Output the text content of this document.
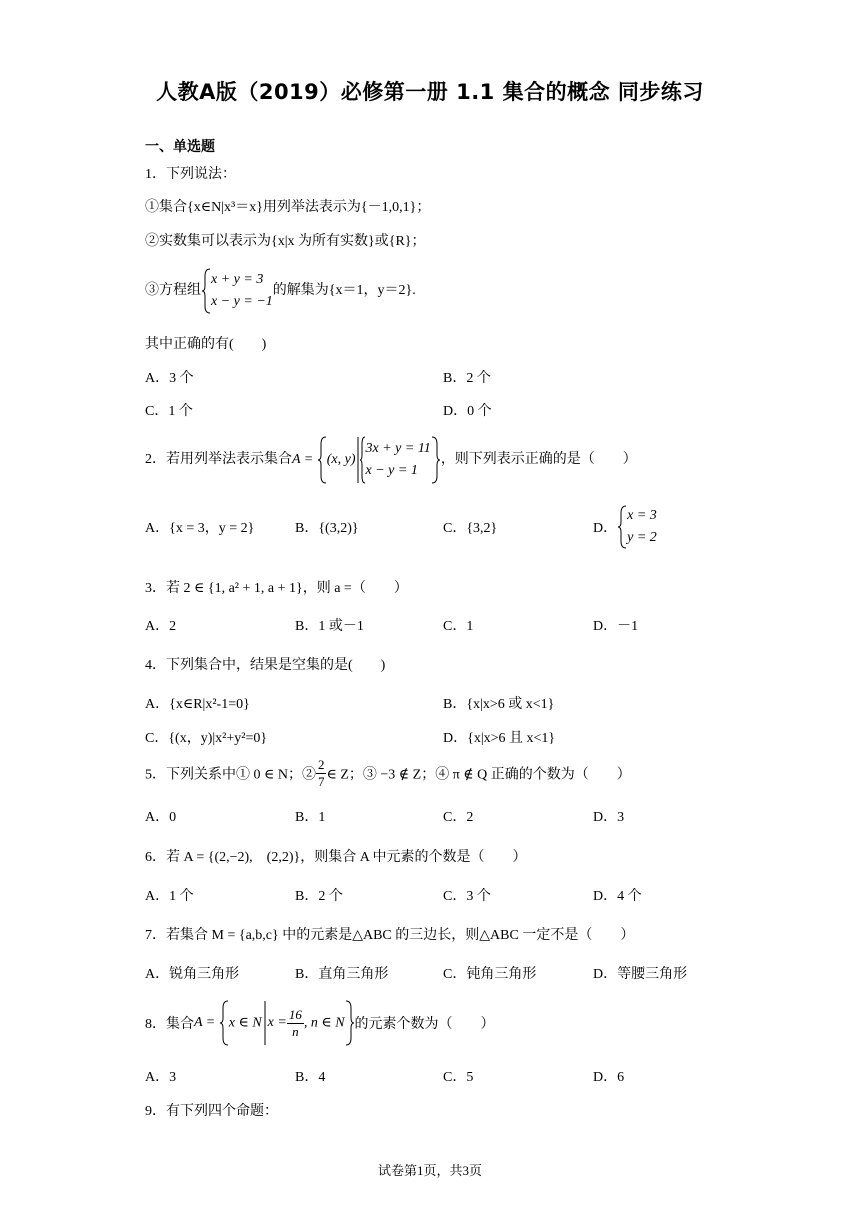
人教A版（2019）必修第一册 1.1 集合的概念 同步练习
一、单选题
1．下列说法：
①集合{x∈N|x³＝x}用列举法表示为{－1,0,1}；
②实数集可以表示为{x|x 为所有实数}或{R}；
③方程组
x + y = 3
x − y = −1
的解集为{x＝1，y＝2}.
其中正确的有(　　)
A．3 个	B．2 个
C．1 个	D．0 个
2．若用列举法表示集合A = (x, y)
3x + y = 11
x − y = 1
，则下列表示正确的是（　　）
A．{x = 3，y = 2}	B．{(3,2)}	C．{3,2}	D．
x = 3
y = 2
3．若 2 ∈ {1, a² + 1, a + 1}，则 a =（　　）
A．2	B．1 或－1	C．1	D．－1
4．下列集合中，结果是空集的是(　　)
A．{x∈R|x²-1=0}	B．{x|x>6 或 x<1}
C．{(x，y)|x²+y²=0}	D．{x|x>6 且 x<1}
5．下列关系中① 0 ∈ N；② $\frac{2}{7}$ ∈ Z；③ −3 ∉ Z；④ π ∉ Q 正确的个数为（　　）
A．0	B．1	C．2	D．3
6．若 A = {(2,−2),　(2,2)}，则集合 A 中元素的个数是（　　）
A．1 个	B．2 个	C．3 个	D．4 个
7．若集合 M = {a,b,c} 中的元素是△ABC 的三边长，则△ABC 一定不是（　　）
A．锐角三角形	B．直角三角形	C．钝角三角形	D．等腰三角形
8．集合A = x ∈ N $x = \frac{16}{n}$ , n ∈ N 的元素个数为（　　）
A．3	B．4	C．5	D．6
9．有下列四个命题：
试卷第1页，共3页
